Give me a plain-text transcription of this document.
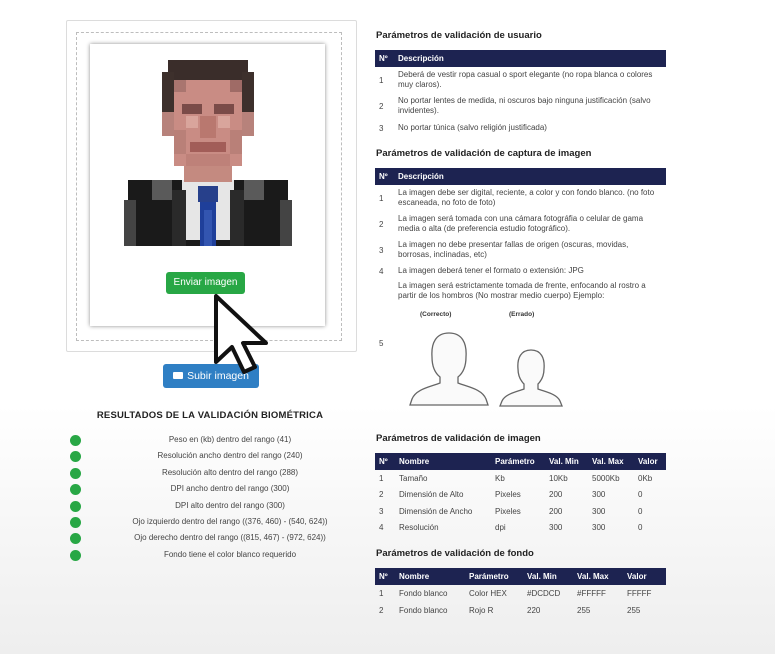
Enviar imagen
Subir imagen
RESULTADOS DE LA VALIDACIÓN BIOMÉTRICA
Peso en (kb) dentro del rango (41)
Resolución ancho dentro del rango (240)
Resolución alto dentro del rango (288)
DPI ancho dentro del rango (300)
DPI alto dentro del rango (300)
Ojo izquierdo dentro del rango ((376, 460) - (540, 624))
Ojo derecho dentro del rango ((815, 467) - (972, 624))
Fondo tiene el color blanco requerido
Parámetros de validación de usuario
Nº	Descripción
1	Deberá de vestir ropa casual o sport elegante (no ropa blanca o colores muy claros).
2	No portar lentes de medida, ni oscuros bajo ninguna justificación (salvo invidentes).
3	No portar túnica (salvo religión justificada)
Parámetros de validación de captura de imagen
Nº	Descripción
1	La imagen debe ser digital, reciente, a color y con fondo blanco. (no foto escaneada, no foto de foto)
2	La imagen será tomada con una cámara fotográfia o celular de gama media o alta (de preferencia estudio fotográfico).
3	La imagen no debe presentar fallas de origen (oscuras, movidas, borrosas, inclinadas, etc)
4	La imagen deberá tener el formato o extensión: JPG
5	La imagen será estrictamente tomada de frente, enfocando al rostro a partir de los hombros (No mostrar medio cuerpo) Ejemplo:
(Correcto) (Errado)
Parámetros de validación de imagen
Nº	Nombre	Parámetro	Val. Min	Val. Max	Valor
1	Tamaño	Kb	10Kb	5000Kb	0Kb
2	Dimensión de Alto	Pixeles	200	300	0
3	Dimensión de Ancho	Pixeles	200	300	0
4	Resolución	dpi	300	300	0
Parámetros de validación de fondo
Nº	Nombre	Parámetro	Val. Min	Val. Max	Valor
1	Fondo blanco	Color HEX	#DCDCD	#FFFFF	FFFFF
2	Fondo blanco	Rojo R	220	255	255
